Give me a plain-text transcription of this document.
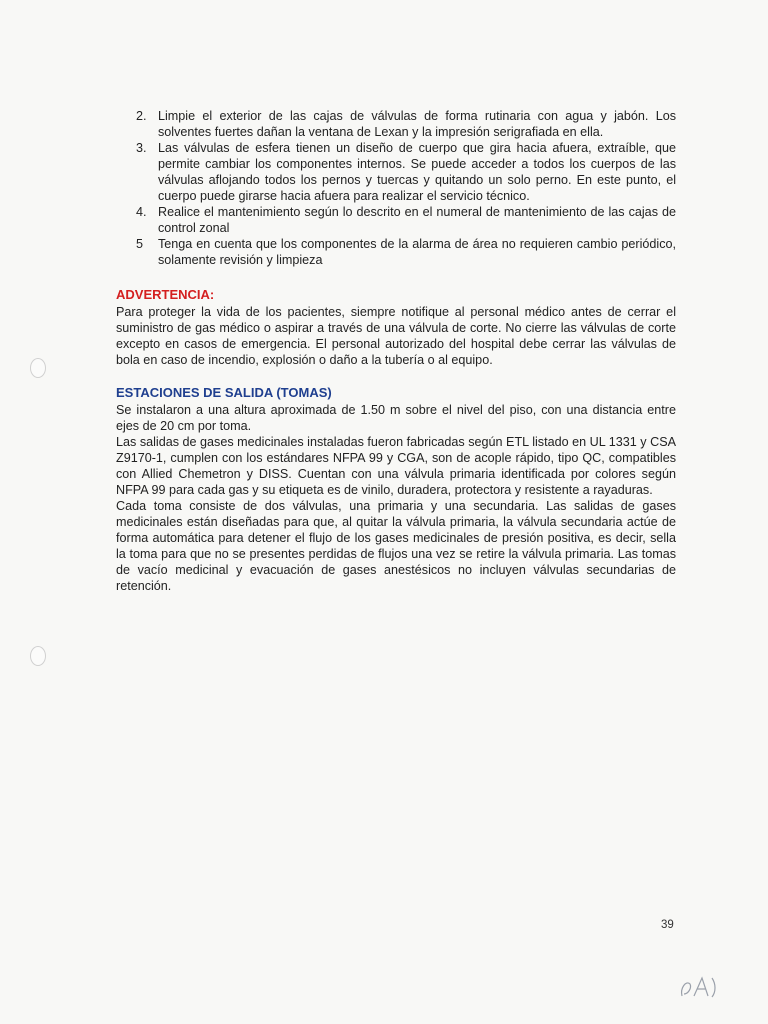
2. Limpie el exterior de las cajas de válvulas de forma rutinaria con agua y jabón. Los solventes fuertes dañan la ventana de Lexan y la impresión serigrafiada en ella.
3. Las válvulas de esfera tienen un diseño de cuerpo que gira hacia afuera, extraíble, que permite cambiar los componentes internos. Se puede acceder a todos los cuerpos de las válvulas aflojando todos los pernos y tuercas y quitando un solo perno. En este punto, el cuerpo puede girarse hacia afuera para realizar el servicio técnico.
4. Realice el mantenimiento según lo descrito en el numeral de mantenimiento de las cajas de control zonal
5	Tenga en cuenta que los componentes de la alarma de área no requieren cambio periódico, solamente revisión y limpieza
ADVERTENCIA:

Para proteger la vida de los pacientes, siempre notifique al personal médico antes de cerrar el suministro de gas médico o aspirar a través de una válvula de corte. No cierre las válvulas de corte excepto en casos de emergencia. El personal autorizado del hospital debe cerrar las válvulas de bola en caso de incendio, explosión o daño a la tubería o al equipo.

ESTACIONES DE SALIDA (TOMAS)

Se instalaron a una altura aproximada de 1.50 m sobre el nivel del piso, con una distancia entre ejes de 20 cm por toma.

Las salidas de gases medicinales instaladas fueron fabricadas según ETL listado en UL 1331 y CSA Z9170-1, cumplen con los estándares NFPA 99 y CGA, son de acople rápido, tipo QC, compatibles con Allied Chemetron y DISS. Cuentan con una válvula primaria identificada por colores según NFPA 99 para cada gas y su etiqueta es de vinilo, duradera, protectora y resistente a rayaduras.

Cada toma consiste de dos válvulas, una primaria y una secundaria. Las salidas de gases medicinales están diseñadas para que, al quitar la válvula primaria, la válvula secundaria actúe de forma automática para detener el flujo de los gases medicinales de presión positiva, es decir, sella la toma para que no se presentes perdidas de flujos una vez se retire la válvula primaria. Las tomas de vacío medicinal y evacuación de gases anestésicos no incluyen válvulas secundarias de retención.

39
